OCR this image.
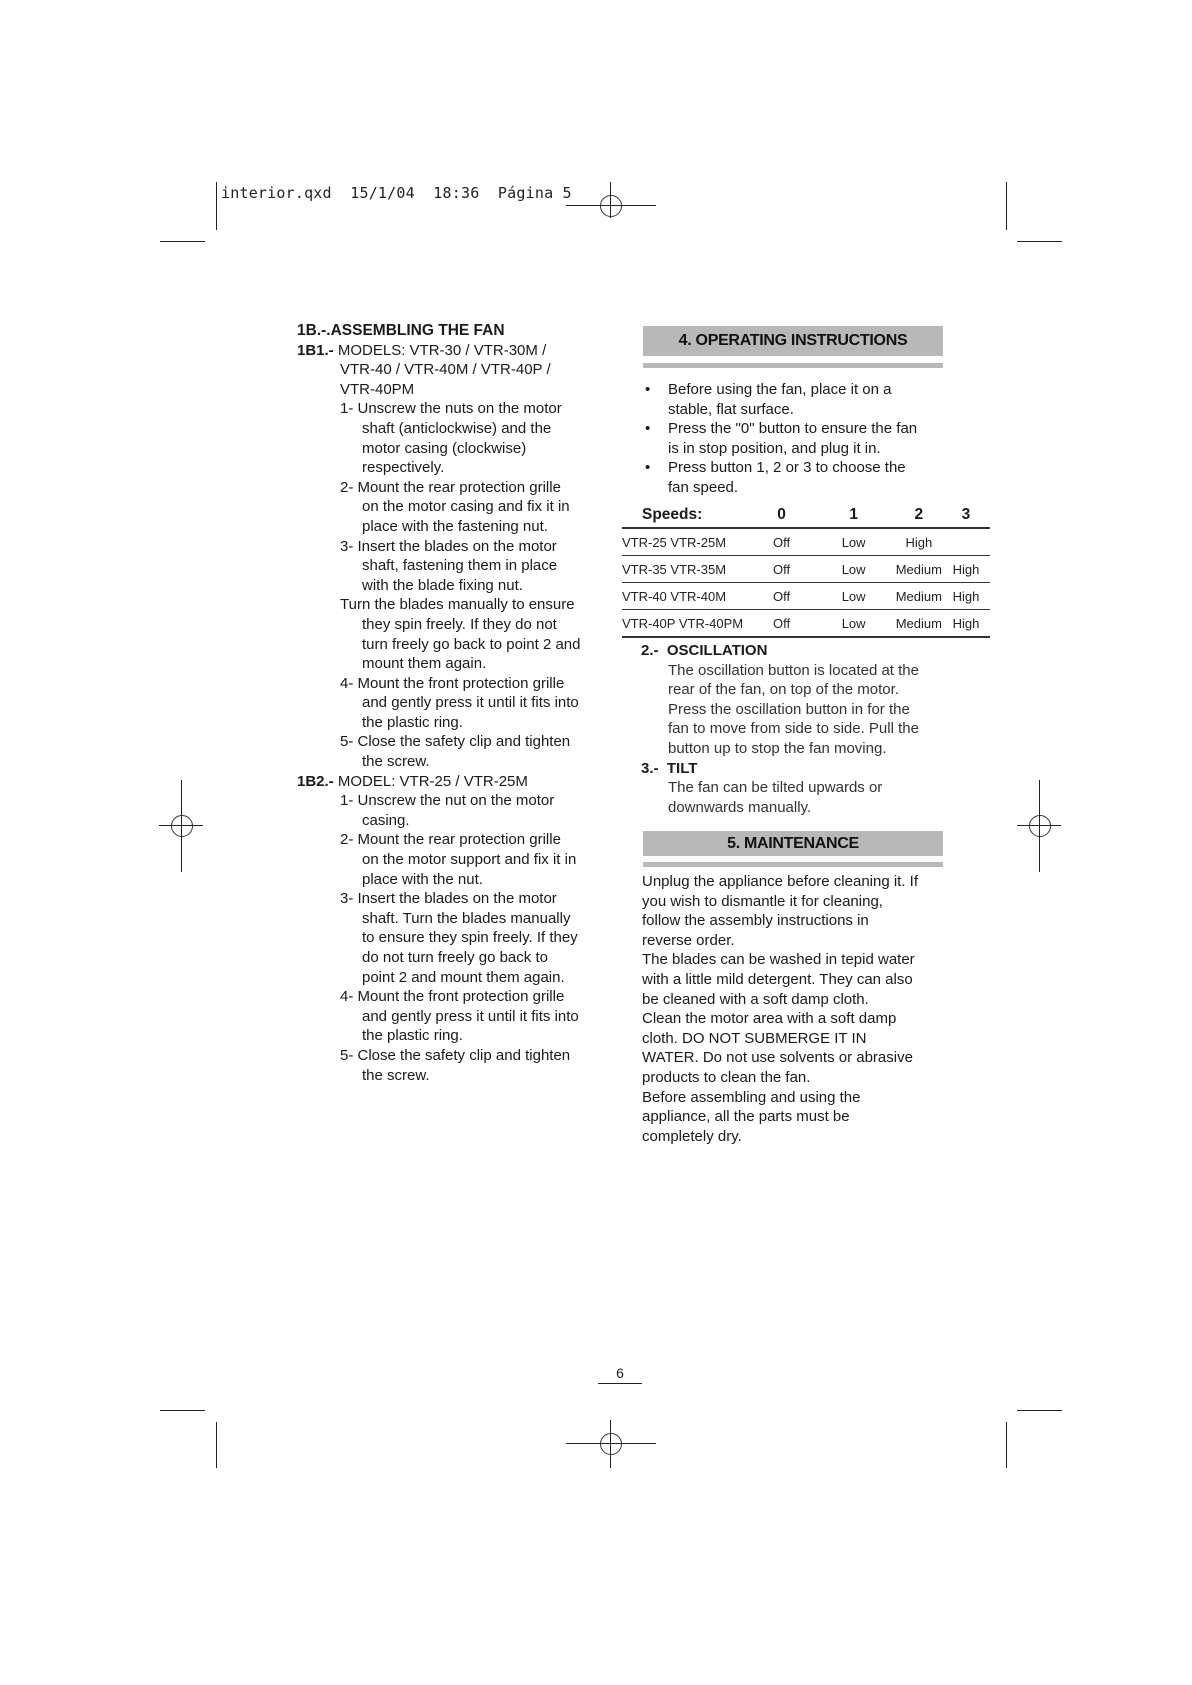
interior.qxd  15/1/04  18:36  Página 5
1B.-.ASSEMBLING THE FAN
1B1.- MODELS: VTR-30 / VTR-30M /
VTR-40 / VTR-40M / VTR-40P /
VTR-40PM
1- Unscrew the nuts on the motor
shaft (anticlockwise) and the
motor casing (clockwise)
respectively.
2- Mount the rear protection grille
on the motor casing and fix it in
place with the fastening nut.
3- Insert the blades on the motor
shaft, fastening them in place
with the blade fixing nut.
Turn the blades manually to ensure
they spin freely. If they do not
turn freely go back to point 2 and
mount them again.
4- Mount the front protection grille
and gently press it until it fits into
the plastic ring.
5- Close the safety clip and tighten
the screw.
1B2.- MODEL: VTR-25 / VTR-25M
1- Unscrew the nut on the motor
casing.
2- Mount the rear protection grille
on the motor support and fix it in
place with the nut.
3- Insert the blades on the motor
shaft. Turn the blades manually
to ensure they spin freely. If they
do not turn freely go back to
point 2 and mount them again.
4- Mount the front protection grille
and gently press it until it fits into
the plastic ring.
5- Close the safety clip and tighten
the screw.
4. OPERATING INSTRUCTIONS
• Before using the fan, place it on a
stable, flat surface.
• Press the "0" button to ensure the fan
is in stop position, and plug it in.
• Press button 1, 2 or 3 to choose the
fan speed.
Speeds:	0	1	2	3
VTR-25 VTR-25M	Off	Low	High	
VTR-35 VTR-35M	Off	Low	Medium	High
VTR-40 VTR-40M	Off	Low	Medium	High
VTR-40P VTR-40PM	Off	Low	Medium	High
2.- OSCILLATION
The oscillation button is located at the
rear of the fan, on top of the motor.
Press the oscillation button in for the
fan to move from side to side. Pull the
button up to stop the fan moving.
3.- TILT
The fan can be tilted upwards or
downwards manually.
5. MAINTENANCE
Unplug the appliance before cleaning it. If
you wish to dismantle it for cleaning,
follow the assembly instructions in
reverse order.
The blades can be washed in tepid water
with a little mild detergent. They can also
be cleaned with a soft damp cloth.
Clean the motor area with a soft damp
cloth. DO NOT SUBMERGE IT IN
WATER. Do not use solvents or abrasive
products to clean the fan.
Before assembling and using the
appliance, all the parts must be
completely dry.
6
